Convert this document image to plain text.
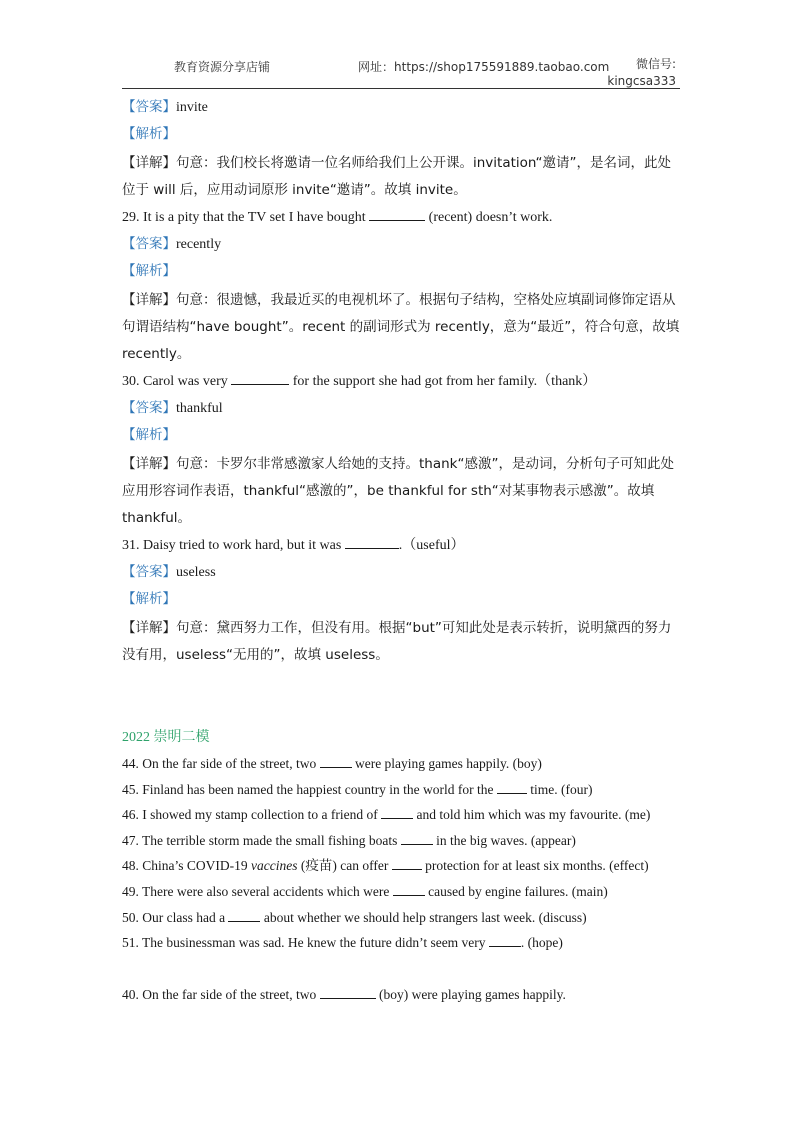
教育资源分享店铺	网址：https://shop175591889.taobao.com	微信号:
kingcsa333
【答案】invite
【解析】
【详解】句意：我们校长将邀请一位名师给我们上公开课。invitation“邀请”，是名词，此处位于 will 后，应用动词原形 invite“邀请”。故填 invite。
29. It is a pity that the TV set I have bought	(recent) doesn’t work.
【答案】recently
【解析】
【详解】句意：很遗憾，我最近买的电视机坏了。根据句子结构，空格处应填副词修饰定语从句谓语结构“have bought”。recent 的副词形式为 recently，意为“最近”，符合句意，故填 recently。
30. Carol was very	for the support she had got from her family.（thank）
【答案】thankful
【解析】
【详解】句意：卡罗尔非常感激家人给她的支持。thank“感激”，是动词，分析句子可知此处应用形容词作表语，thankful“感激的”，be thankful for sth“对某事物表示感激”。故填 thankful。
31. Daisy tried to work hard, but it was	.（useful）
【答案】useless
【解析】
【详解】句意：黛西努力工作，但没有用。根据“but”可知此处是表示转折，说明黛西的努力没有用，useless“无用的”，故填 useless。
2022 崇明二模
44. On the far side of the street, two  were playing games happily. (boy)
45. Finland has been named the happiest country in the world for the  time. (four)
46. I showed my stamp collection to a friend of  and told him which was my favourite. (me)
47. The terrible storm made the small fishing boats  in the big waves. (appear)
48. China’s COVID-19 vaccines (疫苗) can offer  protection for at least six months. (effect)
49. There were also several accidents which were  caused by engine failures. (main)
50. Our class had a  about whether we should help strangers last week. (discuss)
51. The businessman was sad. He knew the future didn’t seem very . (hope)
40. On the far side of the street, two	(boy) were playing games happily.
